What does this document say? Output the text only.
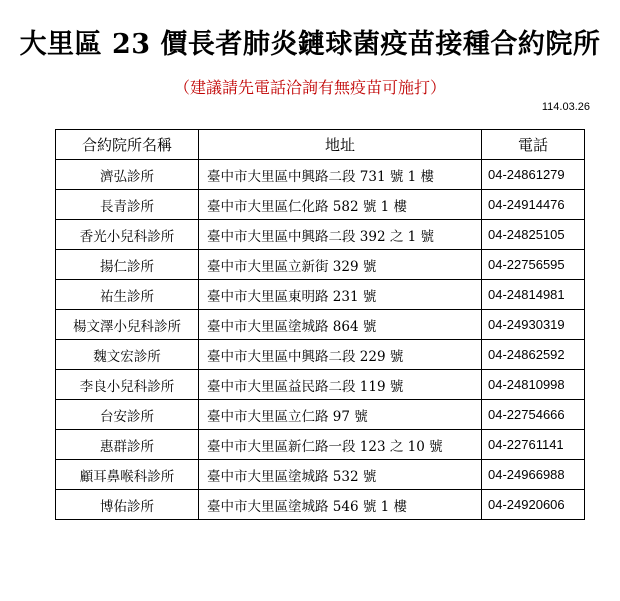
大里區 23 價長者肺炎鏈球菌疫苗接種合約院所
（建議請先電話洽詢有無疫苗可施打）
114.03.26
合約院所名稱	地址	電話
濟弘診所	臺中市大里區中興路二段 731 號 1 樓	04-24861279
長青診所	臺中市大里區仁化路 582 號 1 樓	04-24914476
香光小兒科診所	臺中市大里區中興路二段 392 之 1 號	04-24825105
揚仁診所	臺中市大里區立新街 329 號	04-22756595
祐生診所	臺中市大里區東明路 231 號	04-24814981
楊文澤小兒科診所	臺中市大里區塗城路 864 號	04-24930319
魏文宏診所	臺中市大里區中興路二段 229 號	04-24862592
李良小兒科診所	臺中市大里區益民路二段 119 號	04-24810998
台安診所	臺中市大里區立仁路 97 號	04-22754666
惠群診所	臺中市大里區新仁路一段 123 之 10 號	04-22761141
顧耳鼻喉科診所	臺中市大里區塗城路 532 號	04-24966988
博佑診所	臺中市大里區塗城路 546 號 1 樓	04-24920606
